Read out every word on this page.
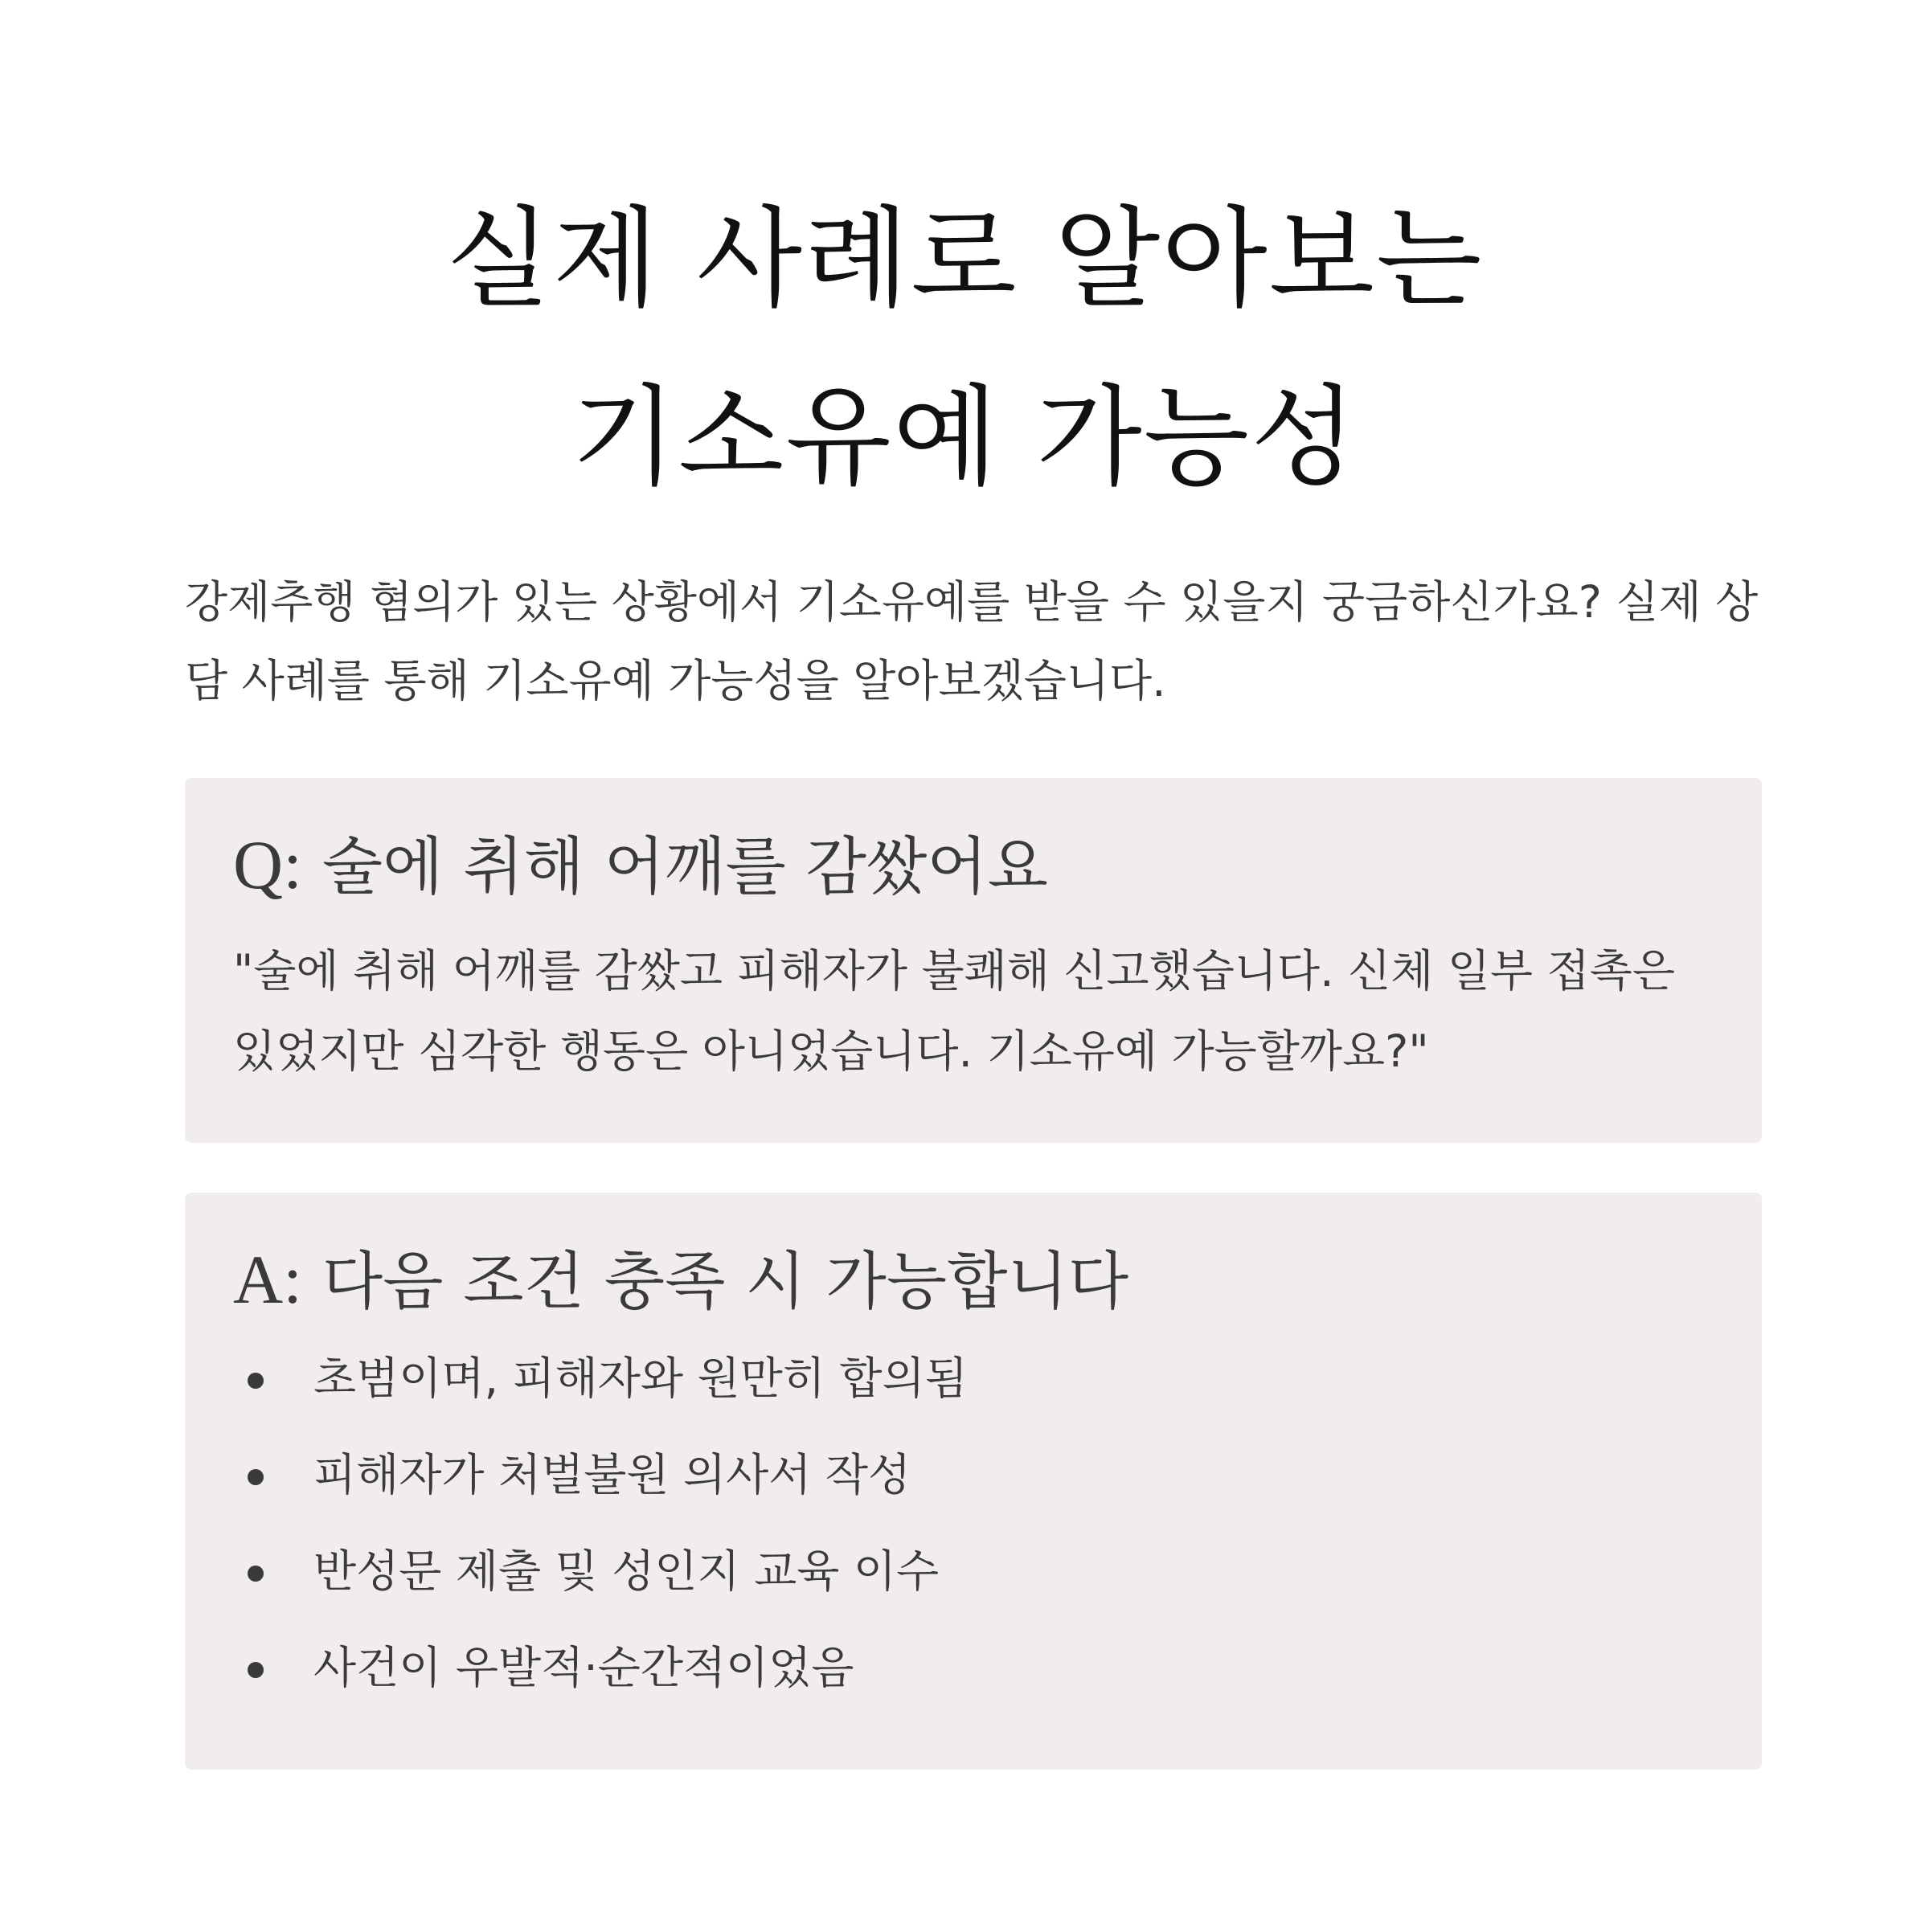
실제 사례로 알아보는
기소유예 가능성

강제추행 혐의가 있는 상황에서 기소유예를 받을 수 있을지 궁금하신가요? 실제 상담 사례를 통해 기소유예 가능성을 알아보겠습니다.

Q: 술에 취해 어깨를 감쌌어요

"술에 취해 어깨를 감쌌고 피해자가 불쾌해 신고했습니다. 신체 일부 접촉은 있었지만 심각한 행동은 아니었습니다. 기소유예 가능할까요?"

A: 다음 조건 충족 시 가능합니다
초범이며, 피해자와 원만히 합의됨
피해자가 처벌불원 의사서 작성
반성문 제출 및 성인지 교육 이수
사건이 우발적·순간적이었음
